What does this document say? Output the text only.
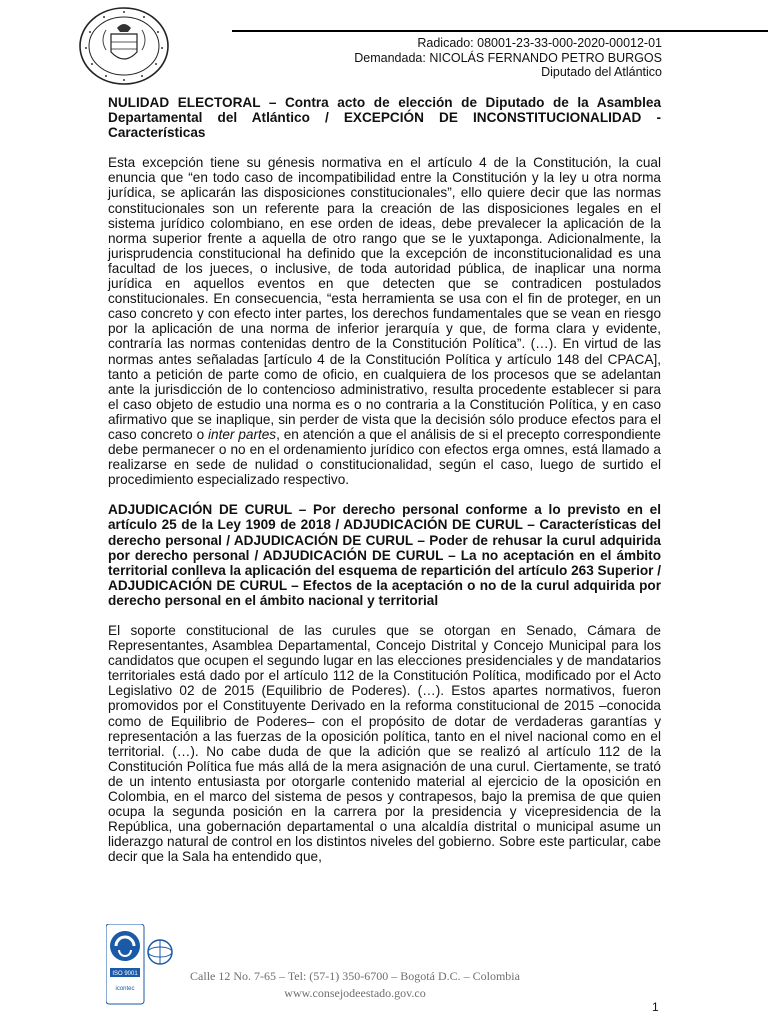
Radicado: 08001-23-33-000-2020-00012-01
Demandada: NICOLÁS FERNANDO PETRO BURGOS
Diputado del Atlántico

NULIDAD ELECTORAL – Contra acto de elección de Diputado de la Asamblea Departamental del Atlántico / EXCEPCIÓN DE INCONSTITUCIONALIDAD - Características

Esta excepción tiene su génesis normativa en el artículo 4 de la Constitución, la cual enuncia que “en todo caso de incompatibilidad entre la Constitución y la ley u otra norma jurídica, se aplicarán las disposiciones constitucionales”, ello quiere decir que las normas constitucionales son un referente para la creación de las disposiciones legales en el sistema jurídico colombiano, en ese orden de ideas, debe prevalecer la aplicación de la norma superior frente a aquella de otro rango que se le yuxtaponga. Adicionalmente, la jurisprudencia constitucional ha definido que la excepción de inconstitucionalidad es una facultad de los jueces, o inclusive, de toda autoridad pública, de inaplicar una norma jurídica en aquellos eventos en que detecten que se contradicen postulados constitucionales. En consecuencia, “esta herramienta se usa con el fin de proteger, en un caso concreto y con efecto inter partes, los derechos fundamentales que se vean en riesgo por la aplicación de una norma de inferior jerarquía y que, de forma clara y evidente, contraría las normas contenidas dentro de la Constitución Política”. (…). En virtud de las normas antes señaladas [artículo 4 de la Constitución Política y artículo 148 del CPACA], tanto a petición de parte como de oficio, en cualquiera de los procesos que se adelantan ante la jurisdicción de lo contencioso administrativo, resulta procedente establecer si para el caso objeto de estudio una norma es o no contraria a la Constitución Política, y en caso afirmativo que se inaplique, sin perder de vista que la decisión sólo produce efectos para el caso concreto o inter partes, en atención a que el análisis de si el precepto correspondiente debe permanecer o no en el ordenamiento jurídico con efectos erga omnes, está llamado a realizarse en sede de nulidad o constitucionalidad, según el caso, luego de surtido el procedimiento especializado respectivo.

ADJUDICACIÓN DE CURUL – Por derecho personal conforme a lo previsto en el artículo 25 de la Ley 1909 de 2018 / ADJUDICACIÓN DE CURUL – Características del derecho personal / ADJUDICACIÓN DE CURUL – Poder de rehusar la curul adquirida por derecho personal / ADJUDICACIÓN DE CURUL – La no aceptación en el ámbito territorial conlleva la aplicación del esquema de repartición del artículo 263 Superior / ADJUDICACIÓN DE CURUL – Efectos de la aceptación o no de la curul adquirida por derecho personal en el ámbito nacional y territorial

El soporte constitucional de las curules que se otorgan en Senado, Cámara de Representantes, Asamblea Departamental, Concejo Distrital y Concejo Municipal para los candidatos que ocupen el segundo lugar en las elecciones presidenciales y de mandatarios territoriales está dado por el artículo 112 de la Constitución Política, modificado por el Acto Legislativo 02 de 2015 (Equilibrio de Poderes). (…). Estos apartes normativos, fueron promovidos por el Constituyente Derivado en la reforma constitucional de 2015 –conocida como de Equilibrio de Poderes– con el propósito de dotar de verdaderas garantías y representación a las fuerzas de la oposición política, tanto en el nivel nacional como en el territorial. (…). No cabe duda de que la adición que se realizó al artículo 112 de la Constitución Política fue más allá de la mera asignación de una curul. Ciertamente, se trató de un intento entusiasta por otorgarle contenido material al ejercicio de la oposición en Colombia, en el marco del sistema de pesos y contrapesos, bajo la premisa de que quien ocupa la segunda posición en la carrera por la presidencia y vicepresidencia de la República, una gobernación departamental o una alcaldía distrital o municipal asume un liderazgo natural de control en los distintos niveles del gobierno. Sobre este particular, cabe decir que la Sala ha entendido que,

ISO 9001
icontec
Calle 12 No. 7-65 – Tel: (57-1) 350-6700 – Bogotá D.C. – Colombia
www.consejodeestado.gov.co
1
